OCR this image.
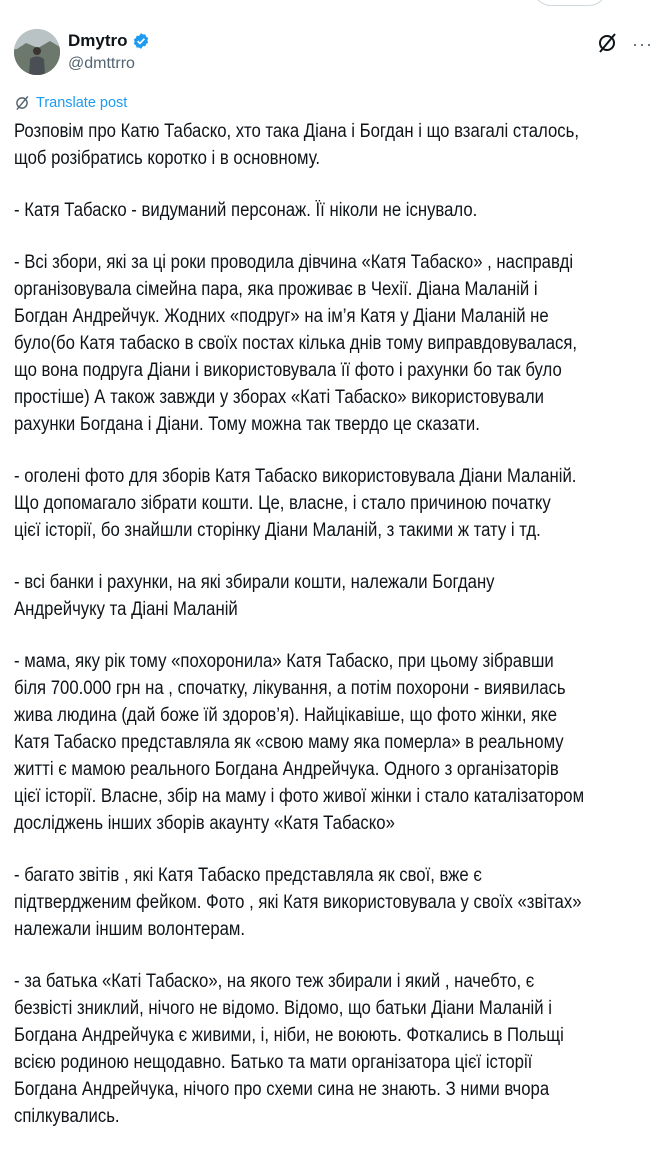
Dmytro
@dmttrro
···
Translate post
Розповім про Катю Табаско, хто така Діана і Богдан і що взагалі сталось,
щоб розібратись коротко і в основному.
- Катя Табаско - видуманий персонаж. Її ніколи не існувало.
- Всі збори, які за ці роки проводила дівчина «Катя Табаско» , насправді
організовувала сімейна пара, яка проживає в Чехії. Діана Маланій і
Богдан Андрейчук. Жодних «подруг» на ім’я Катя у Діани Маланій не
було(бо Катя табаско в своїх постах кілька днів тому виправдовувалася,
що вона подруга Діани і використовувала її фото і рахунки бо так було
простіше) А також завжди у зборах «Каті Табаско» використовували
рахунки Богдана і Діани. Тому можна так твердо це сказати.
- оголені фото для зборів Катя Табаско використовувала Діани Маланій.
Що допомагало зібрати кошти. Це, власне, і стало причиною початку
цієї історії, бо знайшли сторінку Діани Маланій, з такими ж тату і тд.
- всі банки і рахунки, на які збирали кошти, належали Богдану
Андрейчуку та Діані Маланій
- мама, яку рік тому «похоронила» Катя Табаско, при цьому зібравши
біля 700.000 грн на , спочатку, лікування, а потім похорони - виявилась
жива людина (дай боже їй здоров’я). Найцікавіше, що фото жінки, яке
Катя Табаско представляла як «свою маму яка померла» в реальному
житті є мамою реального Богдана Андрейчука. Одного з організаторів
цієї історії. Власне, збір на маму і фото живої жінки і стало каталізатором
досліджень інших зборів акаунту «Катя Табаско»
- багато звітів , які Катя Табаско представляла як свої, вже є
підтвердженим фейком. Фото , які Катя використовувала у своїх «звітах»
належали іншим волонтерам.
- за батька «Каті Табаско», на якого теж збирали і який , начебто, є
безвісті зниклий, нічого не відомо. Відомо, що батьки Діани Маланій і
Богдана Андрейчука є живими, і, ніби, не воюють. Фоткались в Польщі
всією родиною нещодавно. Батько та мати організатора цієї історії
Богдана Андрейчука, нічого про схеми сина не знають. З ними вчора
спілкувались.
